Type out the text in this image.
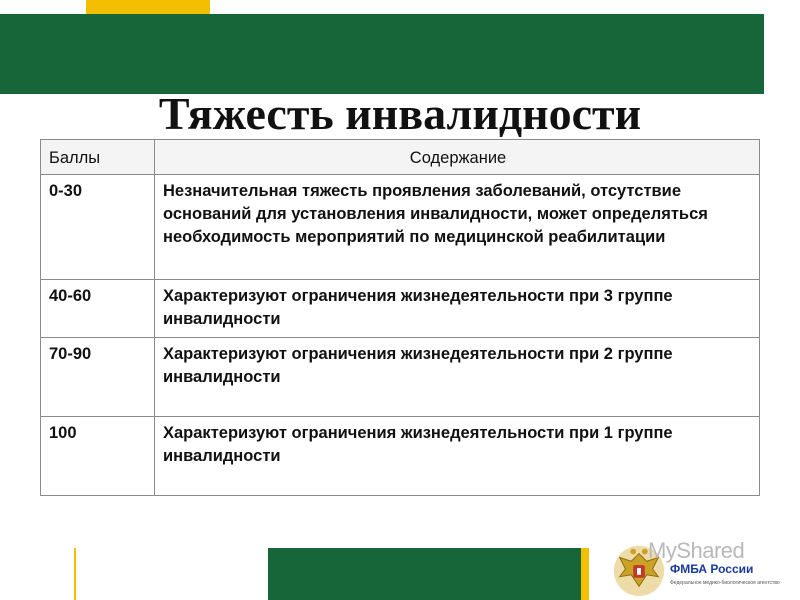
Тяжесть инвалидности
Баллы	Содержание
0-30	Незначительная тяжесть проявления заболеваний, отсутствие оснований для установления инвалидности, может определяться необходимость мероприятий по медицинской реабилитации
40-60	Характеризуют ограничения жизнедеятельности при 3 группе инвалидности
70-90	Характеризуют ограничения жизнедеятельности при 2 группе инвалидности
100	Характеризуют ограничения жизнедеятельности при 1 группе инвалидности
MyShared
ФМБА России
Федеральное медико-биологическое агентство
